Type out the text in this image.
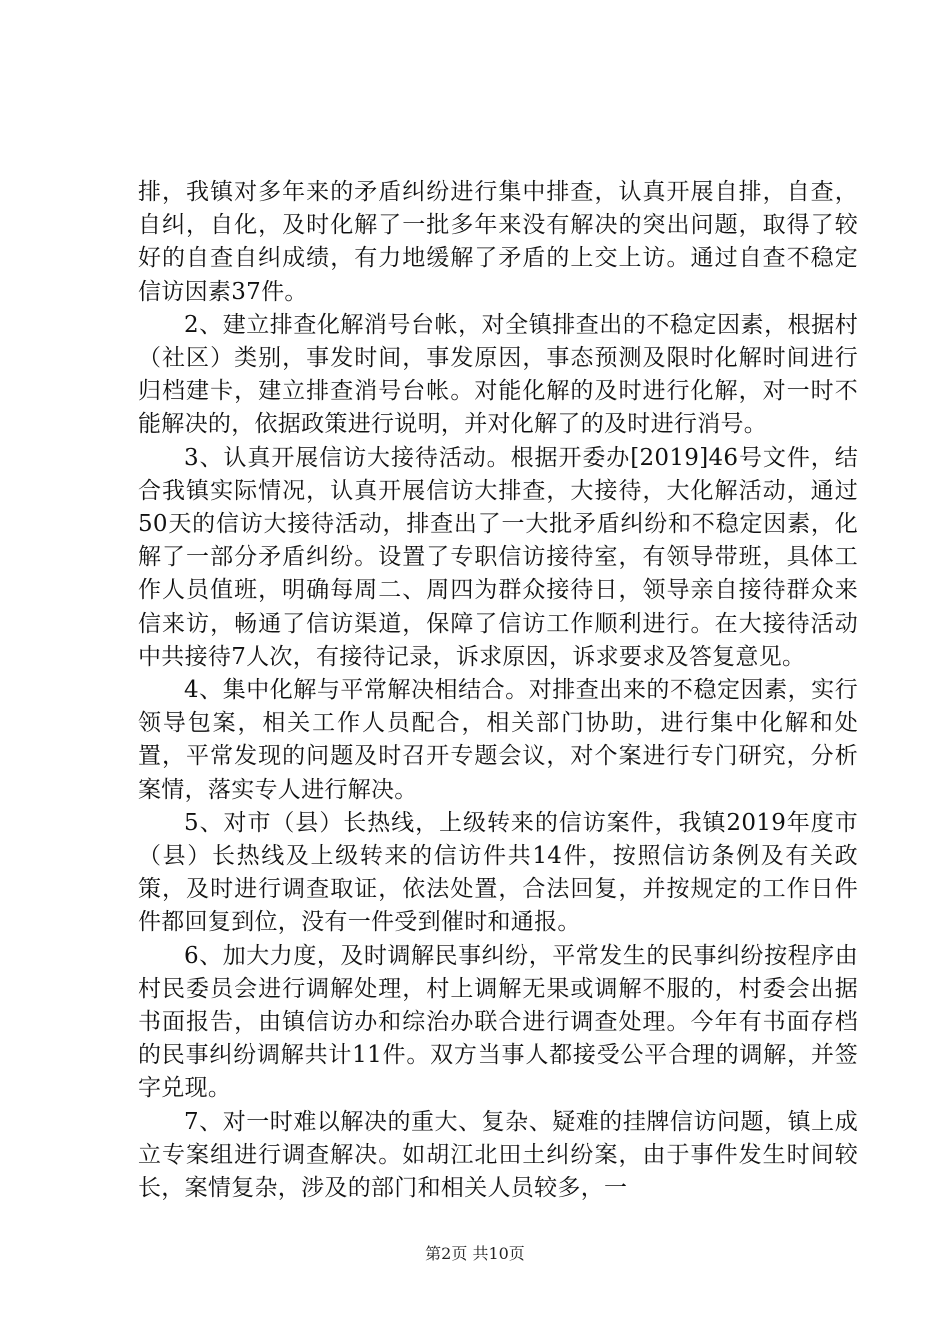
排，我镇对多年来的矛盾纠纷进行集中排查，认真开展自排，自查，自纠，自化，及时化解了一批多年来没有解决的突出问题，取得了较好的自查自纠成绩，有力地缓解了矛盾的上交上访。通过自查不稳定信访因素37件。

2、建立排查化解消号台帐，对全镇排查出的不稳定因素，根据村（社区）类别，事发时间，事发原因，事态预测及限时化解时间进行归档建卡，建立排查消号台帐。对能化解的及时进行化解，对一时不能解决的，依据政策进行说明，并对化解了的及时进行消号。

3、认真开展信访大接待活动。根据开委办[2019]46号文件，结合我镇实际情况，认真开展信访大排查，大接待，大化解活动，通过50天的信访大接待活动，排查出了一大批矛盾纠纷和不稳定因素，化解了一部分矛盾纠纷。设置了专职信访接待室，有领导带班，具体工作人员值班，明确每周二、周四为群众接待日，领导亲自接待群众来信来访，畅通了信访渠道，保障了信访工作顺利进行。在大接待活动中共接待7人次，有接待记录，诉求原因，诉求要求及答复意见。

4、集中化解与平常解决相结合。对排查出来的不稳定因素，实行领导包案，相关工作人员配合，相关部门协助，进行集中化解和处置，平常发现的问题及时召开专题会议，对个案进行专门研究，分析案情，落实专人进行解决。

5、对市（县）长热线，上级转来的信访案件，我镇2019年度市（县）长热线及上级转来的信访件共14件，按照信访条例及有关政策，及时进行调查取证，依法处置，合法回复，并按规定的工作日件件都回复到位，没有一件受到催时和通报。

6、加大力度，及时调解民事纠纷，平常发生的民事纠纷按程序由村民委员会进行调解处理，村上调解无果或调解不服的，村委会出据书面报告，由镇信访办和综治办联合进行调查处理。今年有书面存档的民事纠纷调解共计11件。双方当事人都接受公平合理的调解，并签字兑现。

7、对一时难以解决的重大、复杂、疑难的挂牌信访问题，镇上成立专案组进行调查解决。如胡江北田土纠纷案，由于事件发生时间较长，案情复杂，涉及的部门和相关人员较多，一

第2页 共10页
